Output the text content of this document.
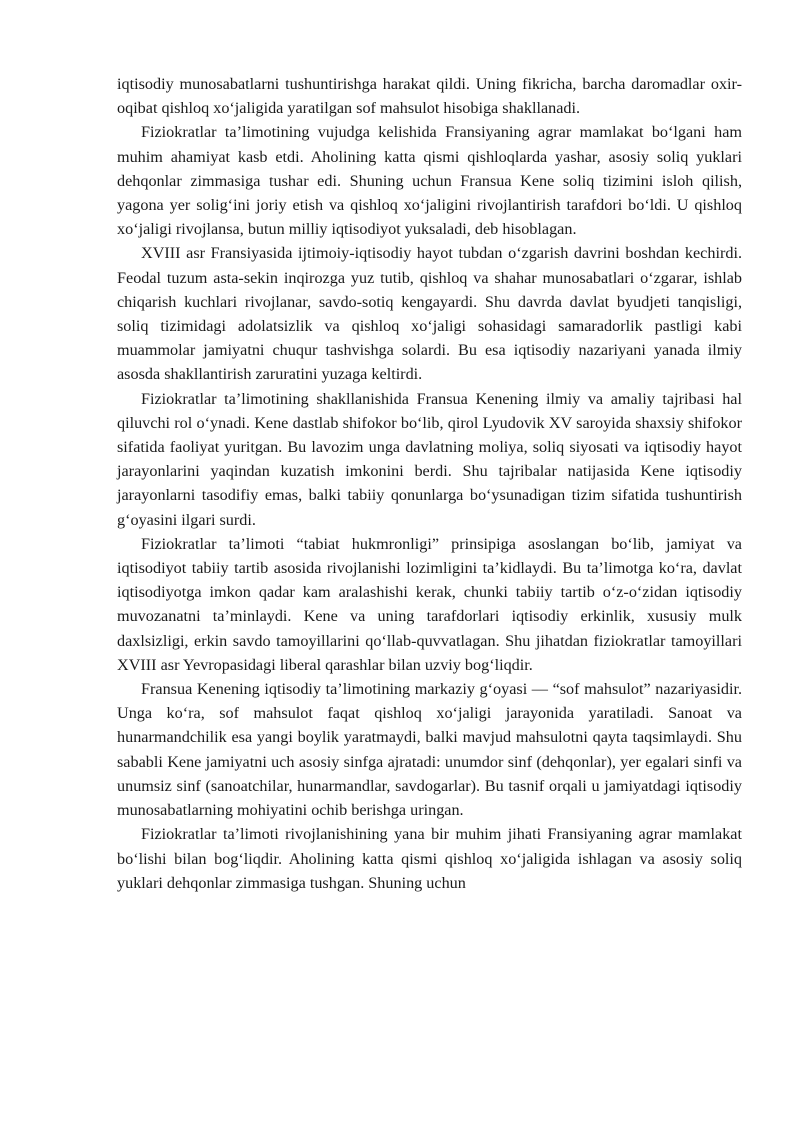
iqtisodiy munosabatlarni tushuntirishga harakat qildi. Uning fikricha, barcha daromadlar oxir-oqibat qishloq xo‘jaligida yaratilgan sof mahsulot hisobiga shakllanadi.

Fiziokratlar ta’limotining vujudga kelishida Fransiyaning agrar mamlakat bo‘lgani ham muhim ahamiyat kasb etdi. Aholining katta qismi qishloqlarda yashar, asosiy soliq yuklari dehqonlar zimmasiga tushar edi. Shuning uchun Fransua Kene soliq tizimini isloh qilish, yagona yer solig‘ini joriy etish va qishloq xo‘jaligini rivojlantirish tarafdori bo‘ldi. U qishloq xo‘jaligi rivojlansa, butun milliy iqtisodiyot yuksaladi, deb hisoblagan.

XVIII asr Fransiyasida ijtimoiy-iqtisodiy hayot tubdan o‘zgarish davrini boshdan kechirdi. Feodal tuzum asta-sekin inqirozga yuz tutib, qishloq va shahar munosabatlari o‘zgarar, ishlab chiqarish kuchlari rivojlanar, savdo-sotiq kengayardi. Shu davrda davlat byudjeti tanqisligi, soliq tizimidagi adolatsizlik va qishloq xo‘jaligi sohasidagi samaradorlik pastligi kabi muammolar jamiyatni chuqur tashvishga solardi. Bu esa iqtisodiy nazariyani yanada ilmiy asosda shakllantirish zaruratini yuzaga keltirdi.

Fiziokratlar ta’limotining shakllanishida Fransua Kenening ilmiy va amaliy tajribasi hal qiluvchi rol o‘ynadi. Kene dastlab shifokor bo‘lib, qirol Lyudovik XV saroyida shaxsiy shifokor sifatida faoliyat yuritgan. Bu lavozim unga davlatning moliya, soliq siyosati va iqtisodiy hayot jarayonlarini yaqindan kuzatish imkonini berdi. Shu tajribalar natijasida Kene iqtisodiy jarayonlarni tasodifiy emas, balki tabiiy qonunlarga bo‘ysunadigan tizim sifatida tushuntirish g‘oyasini ilgari surdi.

Fiziokratlar ta’limoti “tabiat hukmronligi” prinsipiga asoslangan bo‘lib, jamiyat va iqtisodiyot tabiiy tartib asosida rivojlanishi lozimligini ta’kidlaydi. Bu ta’limotga ko‘ra, davlat iqtisodiyotga imkon qadar kam aralashishi kerak, chunki tabiiy tartib o‘z-o‘zidan iqtisodiy muvozanatni ta’minlaydi. Kene va uning tarafdorlari iqtisodiy erkinlik, xususiy mulk daxlsizligi, erkin savdo tamoyillarini qo‘llab-quvvatlagan. Shu jihatdan fiziokratlar tamoyillari XVIII asr Yevropasidagi liberal qarashlar bilan uzviy bog‘liqdir.

Fransua Kenening iqtisodiy ta’limotining markaziy g‘oyasi — “sof mahsulot” nazariyasidir. Unga ko‘ra, sof mahsulot faqat qishloq xo‘jaligi jarayonida yaratiladi. Sanoat va hunarmandchilik esa yangi boylik yaratmaydi, balki mavjud mahsulotni qayta taqsimlaydi. Shu sababli Kene jamiyatni uch asosiy sinfga ajratadi: unumdor sinf (dehqonlar), yer egalari sinfi va unumsiz sinf (sanoatchilar, hunarmandlar, savdogarlar). Bu tasnif orqali u jamiyatdagi iqtisodiy munosabatlarning mohiyatini ochib berishga uringan.

Fiziokratlar ta’limoti rivojlanishining yana bir muhim jihati Fransiyaning agrar mamlakat bo‘lishi bilan bog‘liqdir. Aholining katta qismi qishloq xo‘jaligida ishlagan va asosiy soliq yuklari dehqonlar zimmasiga tushgan. Shuning uchun
